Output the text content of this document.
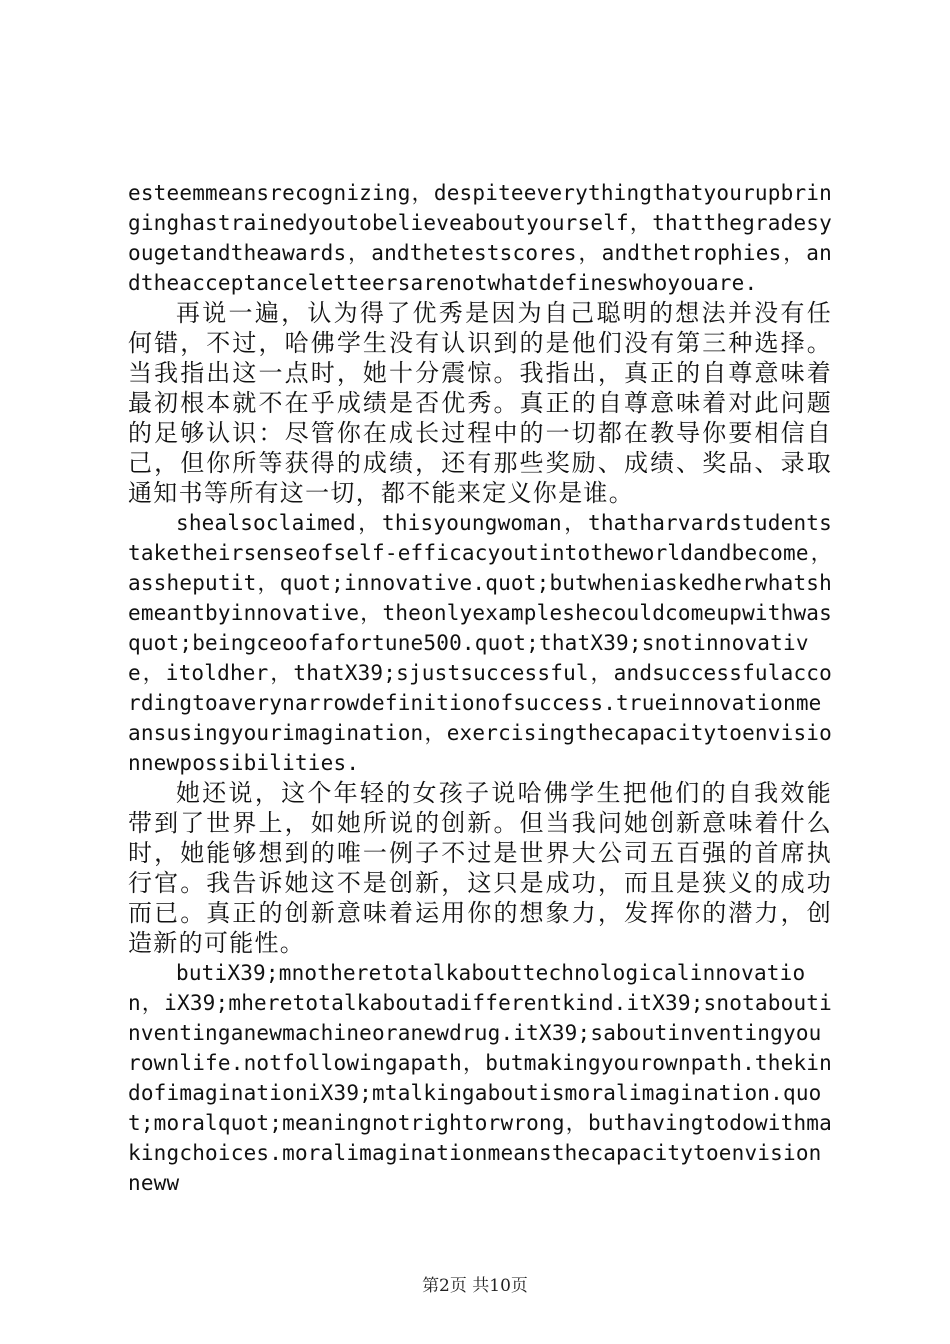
esteemmeansrecognizing，despiteeverythingthatyourupbringinghastrainedyoutobelieveaboutyourself，thatthegradesyougetandtheawards，andthetestscores，andthetrophies，andtheacceptanceletteersarenotwhatdefineswhoyouare.

再说一遍，认为得了优秀是因为自己聪明的想法并没有任何错，不过，哈佛学生没有认识到的是他们没有第三种选择。当我指出这一点时，她十分震惊。我指出，真正的自尊意味着最初根本就不在乎成绩是否优秀。真正的自尊意味着对此问题的足够认识：尽管你在成长过程中的一切都在教导你要相信自己，但你所等获得的成绩，还有那些奖励、成绩、奖品、录取通知书等所有这一切，都不能来定义你是谁。

shealsoclaimed，thisyoungwoman，thatharvardstudentstaketheirsenseofself-efficacyoutintotheworldandbecome，assheputit，quot;innovative.quot;butwheniaskedherwhatshemeantbyinnovative，theonlyexampleshecouldcomeupwithwasquot;beingceoofafortune500.quot;thatX39;snotinnovative，itoldher，thatX39;sjustsuccessful，andsuccessfulaccordingtoaverynarrowdefinitionofsuccess.trueinnovationmeansusingyourimagination，exercisingthecapacitytoenvisionnewpossibilities.

她还说，这个年轻的女孩子说哈佛学生把他们的自我效能带到了世界上，如她所说的创新。但当我问她创新意味着什么时，她能够想到的唯一例子不过是世界大公司五百强的首席执行官。我告诉她这不是创新，这只是成功，而且是狭义的成功而已。真正的创新意味着运用你的想象力，发挥你的潜力，创造新的可能性。

butiX39;mnotheretotalkabouttechnologicalinnovation，iX39;mheretotalkaboutadifferentkind.itX39;snotaboutinventinganewmachineoranewdrug.itX39;saboutinventingyourownlife.notfollowingapath，butmakingyourownpath.thekindofimaginationiX39;mtalkingaboutismoralimagination.quot;moralquot;meaningnotrightorwrong，buthavingtodowithmakingchoices.moralimaginationmeansthecapacitytoenvisionneww

第2页 共10页
